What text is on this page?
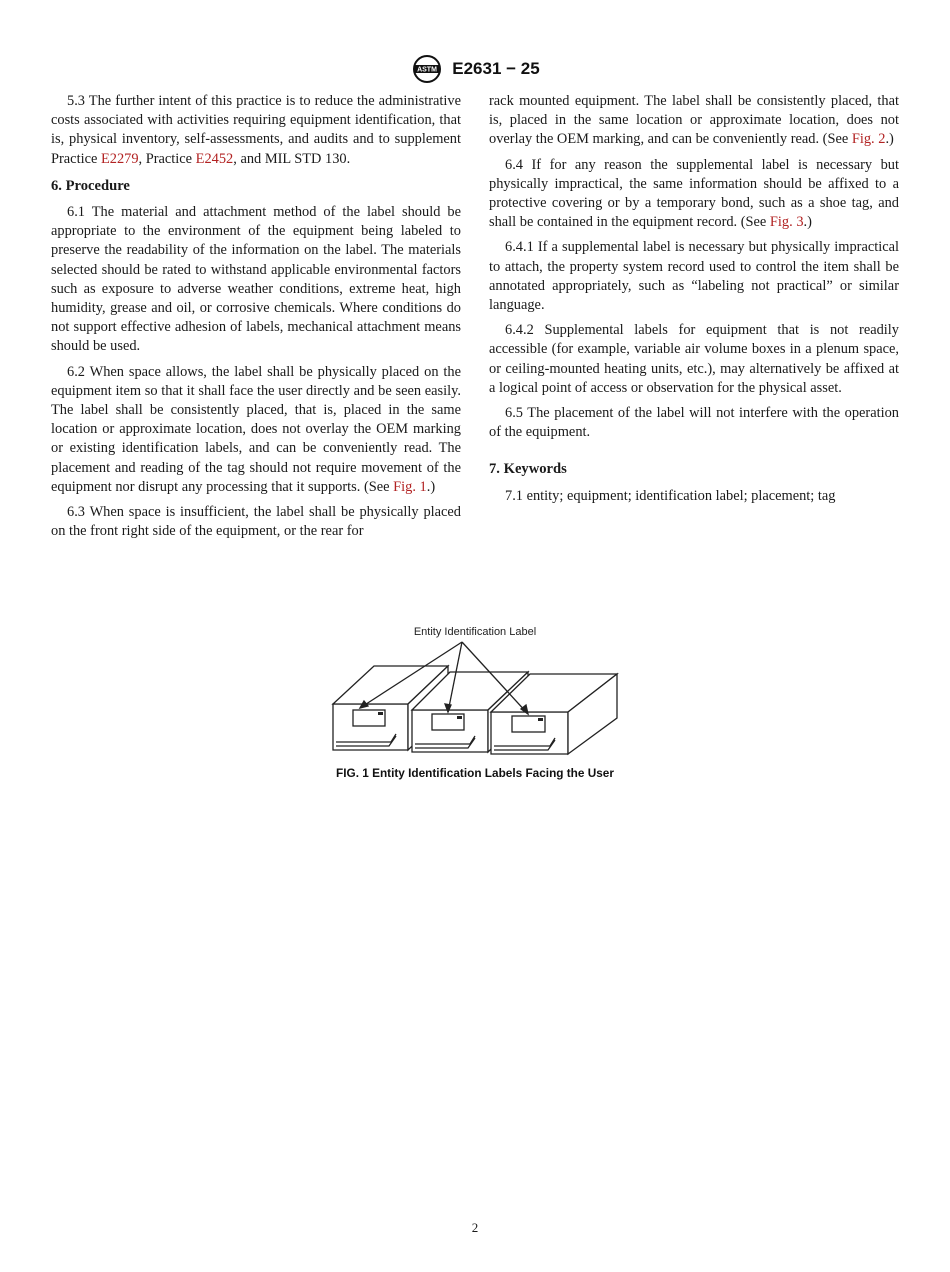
ASTM E2631 − 25

5.3 The further intent of this practice is to reduce the administrative costs associated with activities requiring equipment identification, that is, physical inventory, self-assessments, and audits and to supplement Practice E2279, Practice E2452, and MIL STD 130.

6. Procedure

6.1 The material and attachment method of the label should be appropriate to the environment of the equipment being labeled to preserve the readability of the information on the label. The materials selected should be rated to withstand applicable environmental factors such as exposure to adverse weather conditions, extreme heat, high humidity, grease and oil, or corrosive chemicals. Where conditions do not support effective adhesion of labels, mechanical attachment means should be used.

6.2 When space allows, the label shall be physically placed on the equipment item so that it shall face the user directly and be seen easily. The label shall be consistently placed, that is, placed in the same location or approximate location, does not overlay the OEM marking or existing identification labels, and can be conveniently read. The placement and reading of the tag should not require movement of the equipment nor disrupt any processing that it supports. (See Fig. 1.)

6.3 When space is insufficient, the label shall be physically placed on the front right side of the equipment, or the rear for

rack mounted equipment. The label shall be consistently placed, that is, placed in the same location or approximate location, does not overlay the OEM marking, and can be conveniently read. (See Fig. 2.)

6.4 If for any reason the supplemental label is necessary but physically impractical, the same information should be affixed to a protective covering or by a temporary bond, such as a shoe tag, and shall be contained in the equipment record. (See Fig. 3.)

6.4.1 If a supplemental label is necessary but physically impractical to attach, the property system record used to control the item shall be annotated appropriately, such as “labeling not practical” or similar language.

6.4.2 Supplemental labels for equipment that is not readily accessible (for example, variable air volume boxes in a plenum space, or ceiling-mounted heating units, etc.), may alternatively be affixed at a logical point of access or observation for the physical asset.

6.5 The placement of the label will not interfere with the operation of the equipment.

7. Keywords

7.1 entity; equipment; identification label; placement; tag

Entity Identification Label
FIG. 1 Entity Identification Labels Facing the User
2
